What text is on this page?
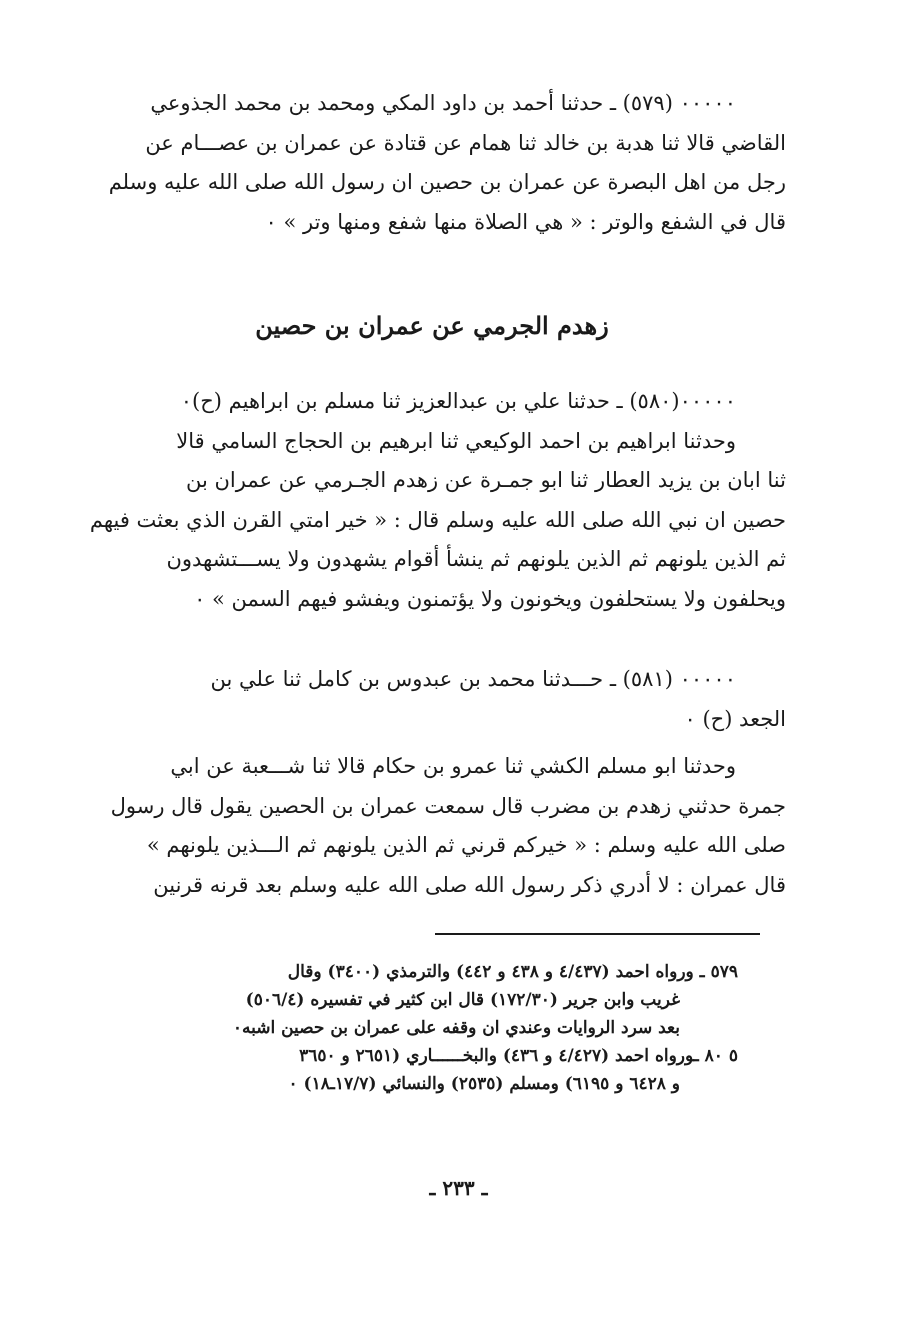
٠٠٠٠٠ (٥٧٩) ـ حدثنا أحمد بن داود المكي ومحمد بن محمد الجذوعي
القاضي قالا ثنا هدبة بن خالد ثنا همام عن قتادة عن عمران بن عصـــام عن
رجل من اهل البصرة عن عمران بن حصين ان رسول الله صلى الله عليه وسلم
قال في الشفع والوتر : « هي الصلاة منها شفع ومنها وتر » ٠
زهدم الجرمي عن عمران بن حصين
٠٠٠٠٠(٥٨٠) ـ حدثنا علي بن عبدالعزيز ثنا مسلم بن ابراهيم (ح)٠
وحدثنا ابراهيم بن احمد الوكيعي ثنا ابرهيم بن الحجاج السامي قالا
ثنا ابان بن يزيد العطار ثنا ابو جمـرة عن زهدم الجـرمي عن عمران بن
حصين ان نبي الله صلى الله عليه وسلم قال : « خير امتي القرن الذي بعثت فيهم
ثم الذين يلونهم ثم الذين يلونهم ثم ينشأ أقوام يشهدون ولا يســـتشهدون
ويحلفون ولا يستحلفون ويخونون ولا يؤتمنون ويفشو فيهم السمن » ٠
٠٠٠٠٠ (٥٨١) ـ حـــدثنا محمد بن عبدوس بن كامل ثنا علي بن
الجعد (ح) ٠
وحدثنا ابو مسلم الكشي ثنا عمرو بن حكام قالا ثنا شـــعبة عن ابي
جمرة حدثني زهدم بن مضرب قال سمعت عمران بن الحصين يقول قال رسول
صلى الله عليه وسلم : « خيركم قرني ثم الذين يلونهم ثم الـــذين يلونهم »
قال عمران : لا أدري ذكر رسول الله صلى الله عليه وسلم بعد قرنه قرنين
٥٧٩ ـ ورواه احمد (٤/٤٣٧ و ٤٣٨ و ٤٤٢) والترمذي (٣٤٠٠) وقال
غريب وابن جرير (١٧٢/٣٠) قال ابن كثير في تفسيره (٥٠٦/٤)
بعد سرد الروايات وعندي ان وقفه على عمران بن حصين اشبه٠
٥ ٨٠ ـورواه احمد (٤/٤٢٧ و ٤٣٦) والبخــــــاري (٢٦٥١ و ٣٦٥٠
و ٦٤٢٨ و ٦١٩٥) ومسلم (٢٥٣٥) والنسائي (١٧/٧ـ١٨) ٠
ـ ٢٣٣ ـ
